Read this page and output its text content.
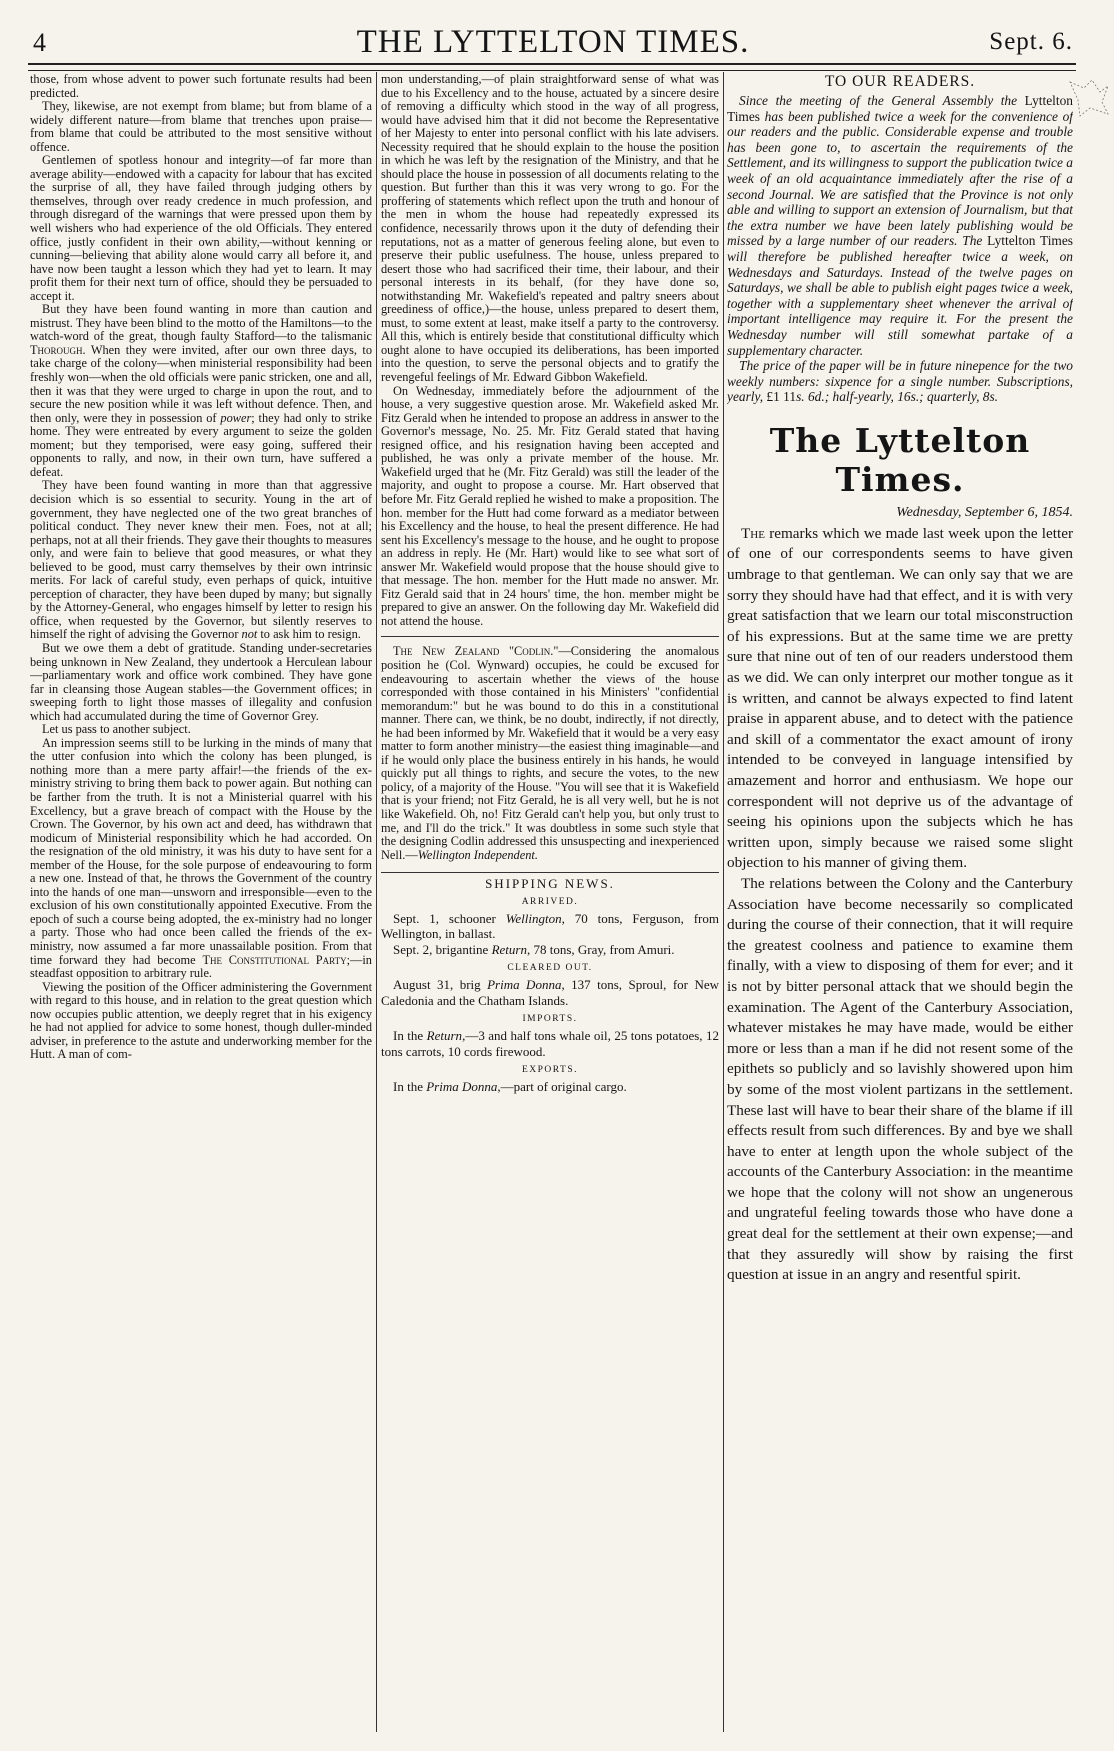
4	THE LYTTELTON TIMES.	Sept. 6.

those, from whose advent to power such fortunate results had been predicted.

They, likewise, are not exempt from blame; but from blame of a widely different nature—from blame that trenches upon praise—from blame that could be attributed to the most sensitive without offence.

Gentlemen of spotless honour and integrity—of far more than average ability—endowed with a capacity for labour that has excited the surprise of all, they have failed through judging others by themselves, through over ready credence in much profession, and through disregard of the warnings that were pressed upon them by well wishers who had experience of the old Officials. They entered office, justly confident in their own ability,—without kenning or cunning—believing that ability alone would carry all before it, and have now been taught a lesson which they had yet to learn. It may profit them for their next turn of office, should they be persuaded to accept it.

But they have been found wanting in more than caution and mistrust. They have been blind to the motto of the Hamiltons—to the watch-word of the great, though faulty Stafford—to the talismanic Thorough. When they were invited, after our own three days, to take charge of the colony—when ministerial responsibility had been freshly won—when the old officials were panic stricken, one and all, then it was that they were urged to charge in upon the rout, and to secure the new position while it was left without defence. Then, and then only, were they in possession of power; they had only to strike home. They were entreated by every argument to seize the golden moment; but they temporised, were easy going, suffered their opponents to rally, and now, in their own turn, have suffered a defeat.

They have been found wanting in more than that aggressive decision which is so essential to security. Young in the art of government, they have neglected one of the two great branches of political conduct. They never knew their men. Foes, not at all; perhaps, not at all their friends. They gave their thoughts to measures only, and were fain to believe that good measures, or what they believed to be good, must carry themselves by their own intrinsic merits. For lack of careful study, even perhaps of quick, intuitive perception of character, they have been duped by many; but signally by the Attorney-General, who engages himself by letter to resign his office, when requested by the Governor, but silently reserves to himself the right of advising the Governor not to ask him to resign.

But we owe them a debt of gratitude. Standing under-secretaries being unknown in New Zealand, they undertook a Herculean labour—parliamentary work and office work combined. They have gone far in cleansing those Augean stables—the Government offices; in sweeping forth to light those masses of illegality and confusion which had accumulated during the time of Governor Grey.

Let us pass to another subject.

An impression seems still to be lurking in the minds of many that the utter confusion into which the colony has been plunged, is nothing more than a mere party affair!—the friends of the ex-ministry striving to bring them back to power again. But nothing can be farther from the truth. It is not a Ministerial quarrel with his Excellency, but a grave breach of compact with the House by the Crown. The Governor, by his own act and deed, has withdrawn that modicum of Ministerial responsibility which he had accorded. On the resignation of the old ministry, it was his duty to have sent for a member of the House, for the sole purpose of endeavouring to form a new one. Instead of that, he throws the Government of the country into the hands of one man—unsworn and irresponsible—even to the exclusion of his own constitutionally appointed Executive. From the epoch of such a course being adopted, the ex-ministry had no longer a party. Those who had once been called the friends of the ex-ministry, now assumed a far more unassailable position. From that time forward they had become The Constitutional Party;—in steadfast opposition to arbitrary rule.

Viewing the position of the Officer administering the Government with regard to this house, and in relation to the great question which now occupies public attention, we deeply regret that in his exigency he had not applied for advice to some honest, though duller-minded adviser, in preference to the astute and underworking member for the Hutt. A man of com-

mon understanding,—of plain straightforward sense of what was due to his Excellency and to the house, actuated by a sincere desire of removing a difficulty which stood in the way of all progress, would have advised him that it did not become the Representative of her Majesty to enter into personal conflict with his late advisers. Necessity required that he should explain to the house the position in which he was left by the resignation of the Ministry, and that he should place the house in possession of all documents relating to the question. But further than this it was very wrong to go. For the proffering of statements which reflect upon the truth and honour of the men in whom the house had repeatedly expressed its confidence, necessarily throws upon it the duty of defending their reputations, not as a matter of generous feeling alone, but even to preserve their public usefulness. The house, unless prepared to desert those who had sacrificed their time, their labour, and their personal interests in its behalf, (for they have done so, notwithstanding Mr. Wakefield's repeated and paltry sneers about greediness of office,)—the house, unless prepared to desert them, must, to some extent at least, make itself a party to the controversy. All this, which is entirely beside that constitutional difficulty which ought alone to have occupied its deliberations, has been imported into the question, to serve the personal objects and to gratify the revengeful feelings of Mr. Edward Gibbon Wakefield.

On Wednesday, immediately before the adjournment of the house, a very suggestive question arose. Mr. Wakefield asked Mr. Fitz Gerald when he intended to propose an address in answer to the Governor's message, No. 25. Mr. Fitz Gerald stated that having resigned office, and his resignation having been accepted and published, he was only a private member of the house. Mr. Wakefield urged that he (Mr. Fitz Gerald) was still the leader of the majority, and ought to propose a course. Mr. Hart observed that before Mr. Fitz Gerald replied he wished to make a proposition. The hon. member for the Hutt had come forward as a mediator between his Excellency and the house, to heal the present difference. He had sent his Excellency's message to the house, and he ought to propose an address in reply. He (Mr. Hart) would like to see what sort of answer Mr. Wakefield would propose that the house should give to that message. The hon. member for the Hutt made no answer. Mr. Fitz Gerald said that in 24 hours' time, the hon. member might be prepared to give an answer. On the following day Mr. Wakefield did not attend the house.

The New Zealand "Codlin."—Considering the anomalous position he (Col. Wynward) occupies, he could be excused for endeavouring to ascertain whether the views of the house corresponded with those contained in his Ministers' "confidential memorandum:" but he was bound to do this in a constitutional manner. There can, we think, be no doubt, indirectly, if not directly, he had been informed by Mr. Wakefield that it would be a very easy matter to form another ministry—the easiest thing imaginable—and if he would only place the business entirely in his hands, he would quickly put all things to rights, and secure the votes, to the new policy, of a majority of the House. "You will see that it is Wakefield that is your friend; not Fitz Gerald, he is all very well, but he is not like Wakefield. Oh, no! Fitz Gerald can't help you, but only trust to me, and I'll do the trick." It was doubtless in some such style that the designing Codlin addressed this unsuspecting and inexperienced Nell.—Wellington Independent.

SHIPPING NEWS.
ARRIVED.

Sept. 1, schooner Wellington, 70 tons, Ferguson, from Wellington, in ballast.

Sept. 2, brigantine Return, 78 tons, Gray, from Amuri.

CLEARED OUT.

August 31, brig Prima Donna, 137 tons, Sproul, for New Caledonia and the Chatham Islands.

IMPORTS.

In the Return,—3 and half tons whale oil, 25 tons potatoes, 12 tons carrots, 10 cords firewood.

EXPORTS.

In the Prima Donna,—part of original cargo.

TO OUR READERS.

Since the meeting of the General Assembly the Lyttelton Times has been published twice a week for the convenience of our readers and the public. Considerable expense and trouble has been gone to, to ascertain the requirements of the Settlement, and its willingness to support the publication twice a week of an old acquaintance immediately after the rise of a second Journal. We are satisfied that the Province is not only able and willing to support an extension of Journalism, but that the extra number we have been lately publishing would be missed by a large number of our readers. The Lyttelton Times will therefore be published hereafter twice a week, on Wednesdays and Saturdays. Instead of the twelve pages on Saturdays, we shall be able to publish eight pages twice a week, together with a supplementary sheet whenever the arrival of important intelligence may require it. For the present the Wednesday number will still somewhat partake of a supplementary character.

The price of the paper will be in future ninepence for the two weekly numbers: sixpence for a single number. Subscriptions, yearly, £1 11s. 6d.; half-yearly, 16s.; quarterly, 8s.

The Lyttelton Times.
Wednesday, September 6, 1854.

The remarks which we made last week upon the letter of one of our correspondents seems to have given umbrage to that gentleman. We can only say that we are sorry they should have had that effect, and it is with very great satisfaction that we learn our total misconstruction of his expressions. But at the same time we are pretty sure that nine out of ten of our readers understood them as we did. We can only interpret our mother tongue as it is written, and cannot be always expected to find latent praise in apparent abuse, and to detect with the patience and skill of a commentator the exact amount of irony intended to be conveyed in language intensified by amazement and horror and enthusiasm. We hope our correspondent will not deprive us of the advantage of seeing his opinions upon the subjects which he has written upon, simply because we raised some slight objection to his manner of giving them.

The relations between the Colony and the Canterbury Association have become necessarily so complicated during the course of their connection, that it will require the greatest coolness and patience to examine them finally, with a view to disposing of them for ever; and it is not by bitter personal attack that we should begin the examination. The Agent of the Canterbury Association, whatever mistakes he may have made, would be either more or less than a man if he did not resent some of the epithets so publicly and so lavishly showered upon him by some of the most violent partizans in the settlement. These last will have to bear their share of the blame if ill effects result from such differences. By and bye we shall have to enter at length upon the whole subject of the accounts of the Canterbury Association: in the meantime we hope that the colony will not show an ungenerous and ungrateful feeling towards those who have done a great deal for the settlement at their own expense;—and that they assuredly will show by raising the first question at issue in an angry and resentful spirit.
